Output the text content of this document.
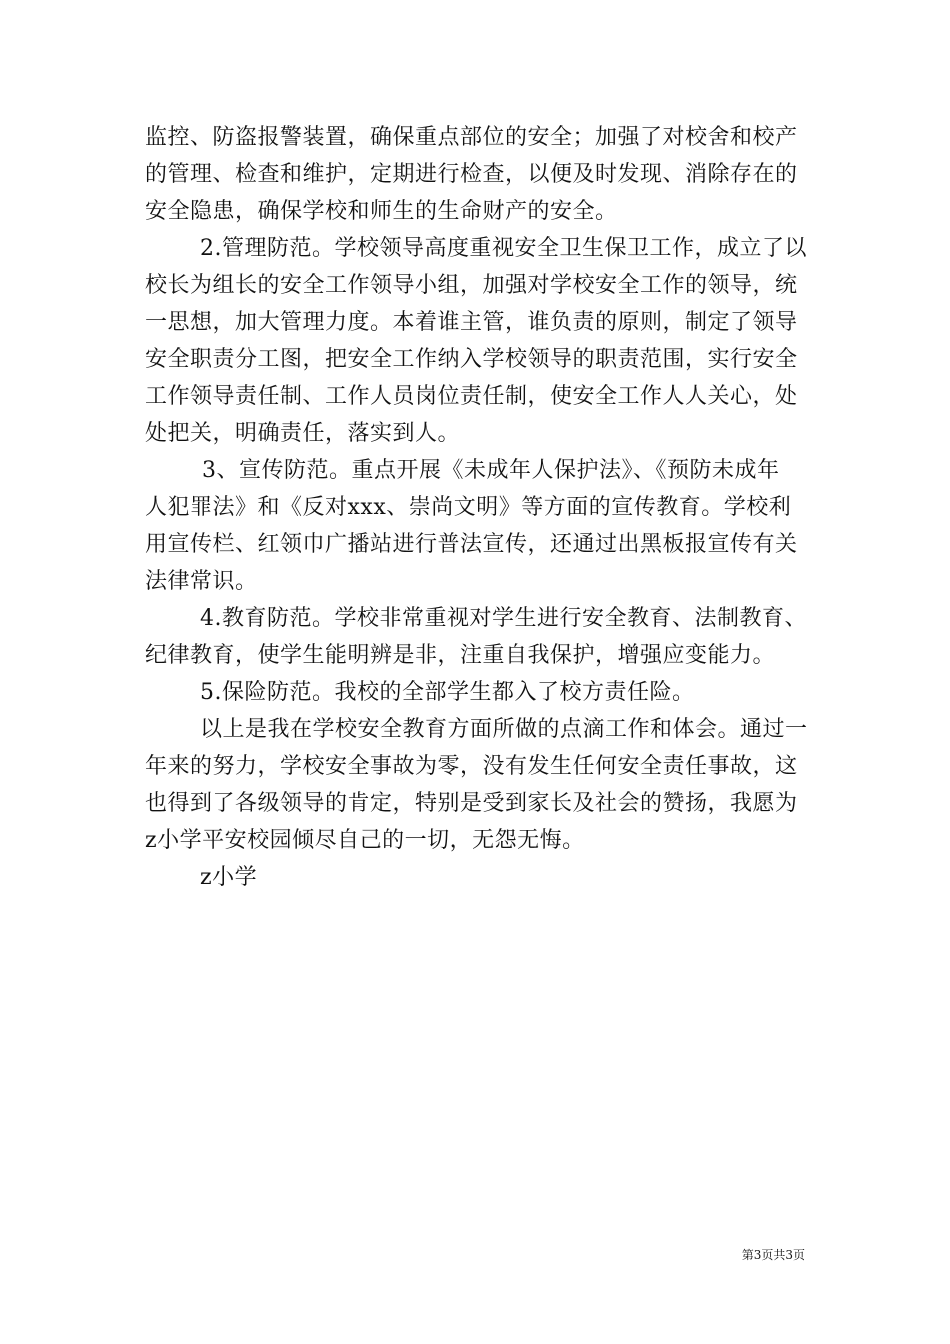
监控、防盗报警装置，确保重点部位的安全；加强了对校舍和校产
的管理、检查和维护，定期进行检查，以便及时发现、消除存在的
安全隐患，确保学校和师生的生命财产的安全。
2.管理防范。学校领导高度重视安全卫生保卫工作，成立了以
校长为组长的安全工作领导小组，加强对学校安全工作的领导，统
一思想，加大管理力度。本着谁主管，谁负责的原则，制定了领导
安全职责分工图，把安全工作纳入学校领导的职责范围，实行安全
工作领导责任制、工作人员岗位责任制，使安全工作人人关心，处
处把关，明确责任，落实到人。
3、宣传防范。重点开展《未成年人保护法》、《预防未成年
人犯罪法》和《反对xxx、崇尚文明》等方面的宣传教育。学校利
用宣传栏、红领巾广播站进行普法宣传，还通过出黑板报宣传有关
法律常识。
4.教育防范。学校非常重视对学生进行安全教育、法制教育、
纪律教育，使学生能明辨是非，注重自我保护，增强应变能力。
5.保险防范。我校的全部学生都入了校方责任险。
以上是我在学校安全教育方面所做的点滴工作和体会。通过一
年来的努力，学校安全事故为零，没有发生任何安全责任事故，这
也得到了各级领导的肯定，特别是受到家长及社会的赞扬，我愿为
z小学平安校园倾尽自己的一切，无怨无悔。
z小学
第3页共3页
